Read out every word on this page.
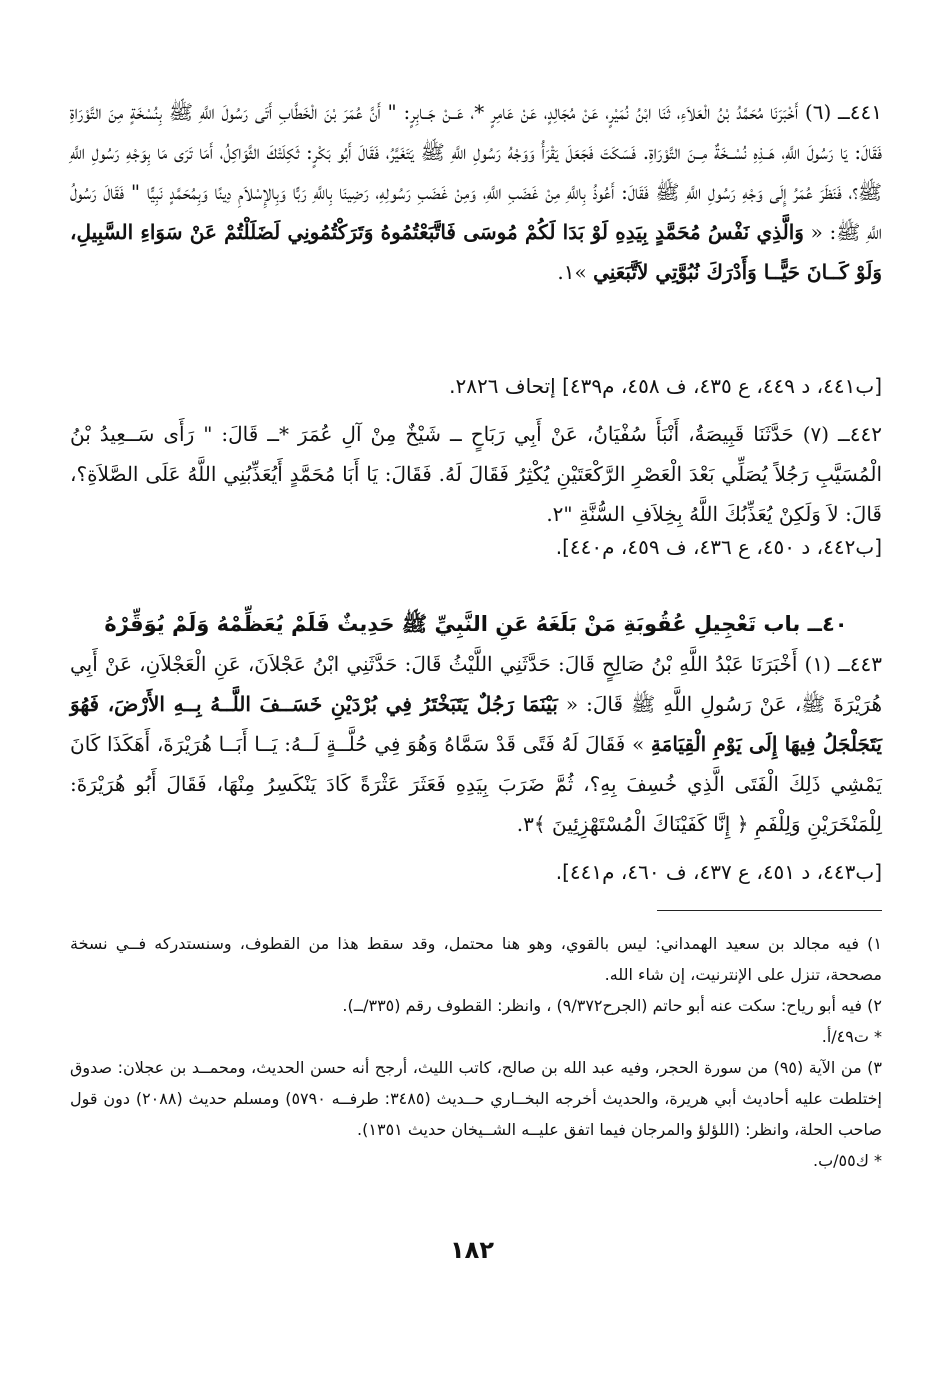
٤٤١ــ (٦) أَخْبَرَنَا مُحَمَّدُ بْنُ الْعَلاَءِ، ثَنَا ابْنُ نُمَيْرٍ، عَنْ مُجَالِدٍ، عَنْ عَامِرٍ *، عَــنْ جَــابِرٍ: " أَنَّ عُمَرَ بْنَ الْخَطَّابِ أَتَى رَسُولَ اللَّهِ ﷺ بِنُسْخَةٍ مِنَ التَّوْرَاةِ فَقَالَ: يَا رَسُولَ اللَّهِ، هَــذِهِ نُسْــخَةٌ مِــنَ التَّوْرَاةِ. فَسَكَتَ فَجَعَلَ يَقْرَأُ وَوَجْهُ رَسُولِ اللَّهِ ﷺ يَتَغَيَّرُ، فَقَالَ أَبُو بَكْرٍ: ثَكِلَتْكَ الثَّوَاكِلُ، أَمَا تَرَى مَا بِوَجْهِ رَسُولِ اللَّهِ ﷺ؟، فَنَظَرَ عُمَرُ إِلَى وَجْهِ رَسُولِ اللَّهِ ﷺ فَقَالَ: أَعُوذُ بِاللَّهِ مِنْ غَضَبِ اللَّهِ، وَمِنْ غَضَبِ رَسُولِهِ، رَضِينَا بِاللَّهِ رَبًّا وَبِالإِسْلاَمِ دِينًا وَبِمُحَمَّدٍ نَبِيًّا " فَقَالَ رَسُولُ اللَّهِ ﷺ: « وَالَّذِي نَفْسُ مُحَمَّدٍ بِيَدِهِ لَوْ بَدَا لَكُمْ مُوسَى فَاتَّبَعْتُمُوهُ وَتَرَكْتُمُونِي لَضَلَلْتُمْ عَنْ سَوَاءِ السَّبِيلِ، وَلَوْ كَــانَ حَيًّــا وَأَدْرَكَ نُبُوَّتِي لاَتَّبَعَنِي »١.

[ب٤٤١، د ٤٤٩، ع ٤٣٥، ف ٤٥٨، م٤٣٩] إتحاف ٢٨٢٦.

٤٤٢ــ (٧) حَدَّثَنَا قَبِيصَةُ، أَنْبَأَ سُفْيَانُ، عَنْ أَبِي رَبَاحٍ ــ شَيْخٌ مِنْ آلِ عُمَرَ *ــ قَالَ: " رَأَى سَــعِيدُ بْنُ الْمُسَيَّبِ رَجُلاً يُصَلِّي بَعْدَ الْعَصْرِ الرَّكْعَتَيْنِ يُكْثِرُ فَقَالَ لَهُ. فَقَالَ: يَا أَبَا مُحَمَّدٍ أَيُعَذِّبُنِي اللَّهُ عَلَى الصَّلاَةِ؟، قَالَ: لاَ وَلَكِنْ يُعَذِّبُكَ اللَّهُ بِخِلاَفِ السُّنَّةِ "٢.

[ب٤٤٢، د ٤٥٠، ع ٤٣٦، ف ٤٥٩، م٤٤٠].
٤٠ــ باب تَعْجِيلِ عُقُوبَةِ مَنْ بَلَغَهُ عَنِ النَّبِيِّ ﷺ حَدِيثٌ فَلَمْ يُعَظِّمْهُ وَلَمْ يُوَقِّرْهُ

٤٤٣ــ (١) أَخْبَرَنَا عَبْدُ اللَّهِ بْنُ صَالِحٍ قَالَ: حَدَّثَنِي اللَّيْثُ قَالَ: حَدَّثَنِي ابْنُ عَجْلاَنَ، عَنِ الْعَجْلاَنِ، عَنْ أَبِي هُرَيْرَةَ ﷺ، عَنْ رَسُولِ اللَّهِ ﷺ قَالَ: « بَيْنَمَا رَجُلٌ يَتَبَخْتَرُ فِي بُرْدَيْنِ خَسَــفَ اللَّــهُ بِــهِ الأَرْضَ، فَهُوَ يَتَجَلْجَلُ فِيهَا إِلَى يَوْمِ الْقِيَامَةِ » فَقَالَ لَهُ فَتًى قَدْ سَمَّاهُ وَهُوَ فِي حُلَّــةٍ لَــهُ: يَــا أَبَــا هُرَيْرَةَ، أَهَكَذَا كَانَ يَمْشِي ذَلِكَ الْفَتَى الَّذِي خُسِفَ بِهِ؟، ثُمَّ ضَرَبَ بِيَدِهِ فَعَثَرَ عَثْرَةً كَادَ يَنْكَسِرُ مِنْهَا، فَقَالَ أَبُو هُرَيْرَةَ: لِلْمَنْخَرَيْنِ وَلِلْفَمِ ﴿ إِنَّا كَفَيْنَاكَ الْمُسْتَهْزِئِينَ ﴾٣.

[ب٤٤٣، د ٤٥١، ع ٤٣٧، ف ٤٦٠، م٤٤١].

١) فيه مجالد بن سعيد الهمداني: ليس بالقوي، وهو هنا محتمل، وقد سقط هذا من القطوف، وسنستدركه فــي نسخة مصححة، تنزل على الإنترنيت، إن شاء الله.

٢) فيه أبو رياح: سكت عنه أبو حاتم (الجرح٩/٣٧٢) ، وانظر: القطوف رقم (٣٣٥/ــ).

* ت٤٩/أ.

٣) من الآية (٩٥) من سورة الحجر، وفيه عبد الله بن صالح، كاتب الليث، أرجح أنه حسن الحديث، ومحمــد بن عجلان: صدوق إختلطت عليه أحاديث أبي هريرة، والحديث أخرجه البخــاري حــديث (٣٤٨٥: طرفــه ٥٧٩٠) ومسلم حديث (٢٠٨٨) دون قول صاحب الحلة، وانظر: (اللؤلؤ والمرجان فيما اتفق عليــه الشــيخان حديث ١٣٥١).

* ك٥٥/ب.

١٨٢
